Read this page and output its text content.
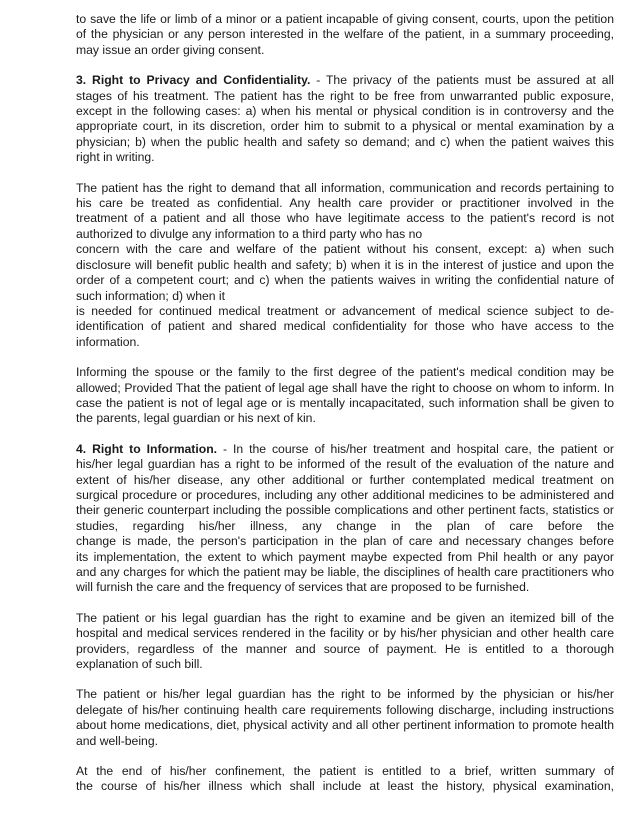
to save the life or limb of a minor or a patient incapable of giving consent, courts, upon the petition
of the physician or any person interested in the welfare of the patient, in a summary proceeding,
may issue an order giving consent.

3. Right to Privacy and Confidentiality. - The privacy of the patients must be assured at all
stages of his treatment. The patient has the right to be free from unwarranted public exposure,
except in the following cases: a) when his mental or physical condition is in controversy and the
appropriate court, in its discretion, order him to submit to a physical or mental examination by a
physician; b) when the public health and safety so demand; and c) when the patient waives this
right in writing.

The patient has the right to demand that all information, communication and records pertaining to
his care be treated as confidential. Any health care provider or practitioner involved in the
treatment of a patient and all those who have legitimate access to the patient's record is not
authorized to divulge any information to a third party who has no
concern with the care and welfare of the patient without his consent, except: a) when such
disclosure will benefit public health and safety; b) when it is in the interest of justice and upon the
order of a competent court; and c) when the patients waives in writing the confidential nature of
such information; d) when it
is needed for continued medical treatment or advancement of medical science subject to de-
identification of patient and shared medical confidentiality for those who have access to the
information.

Informing the spouse or the family to the first degree of the patient's medical condition may be
allowed; Provided That the patient of legal age shall have the right to choose on whom to inform. In
case the patient is not of legal age or is mentally incapacitated, such information shall be given to
the parents, legal guardian or his next of kin.

4. Right to Information. - In the course of his/her treatment and hospital care, the patient or
his/her legal guardian has a right to be informed of the result of the evaluation of the nature and
extent of his/her disease, any other additional or further contemplated medical treatment on
surgical procedure or procedures, including any other additional medicines to be administered and
their generic counterpart including the possible complications and other pertinent facts, statistics or
studies, regarding his/her illness, any change in the plan of care before the
change is made, the person's participation in the plan of care and necessary changes before
its implementation, the extent to which payment maybe expected from Phil health or any payor
and any charges for which the patient may be liable, the disciplines of health care practitioners who
will furnish the care and the frequency of services that are proposed to be furnished.

The patient or his legal guardian has the right to examine and be given an itemized bill of the
hospital and medical services rendered in the facility or by his/her physician and other health care
providers, regardless of the manner and source of payment. He is entitled to a thorough
explanation of such bill.

The patient or his/her legal guardian has the right to be informed by the physician or his/her
delegate of his/her continuing health care requirements following discharge, including instructions
about home medications, diet, physical activity and all other pertinent information to promote health
and well-being.

At the end of his/her confinement, the patient is entitled to a brief, written summary of
the course of his/her illness which shall include at least the history, physical examination,
